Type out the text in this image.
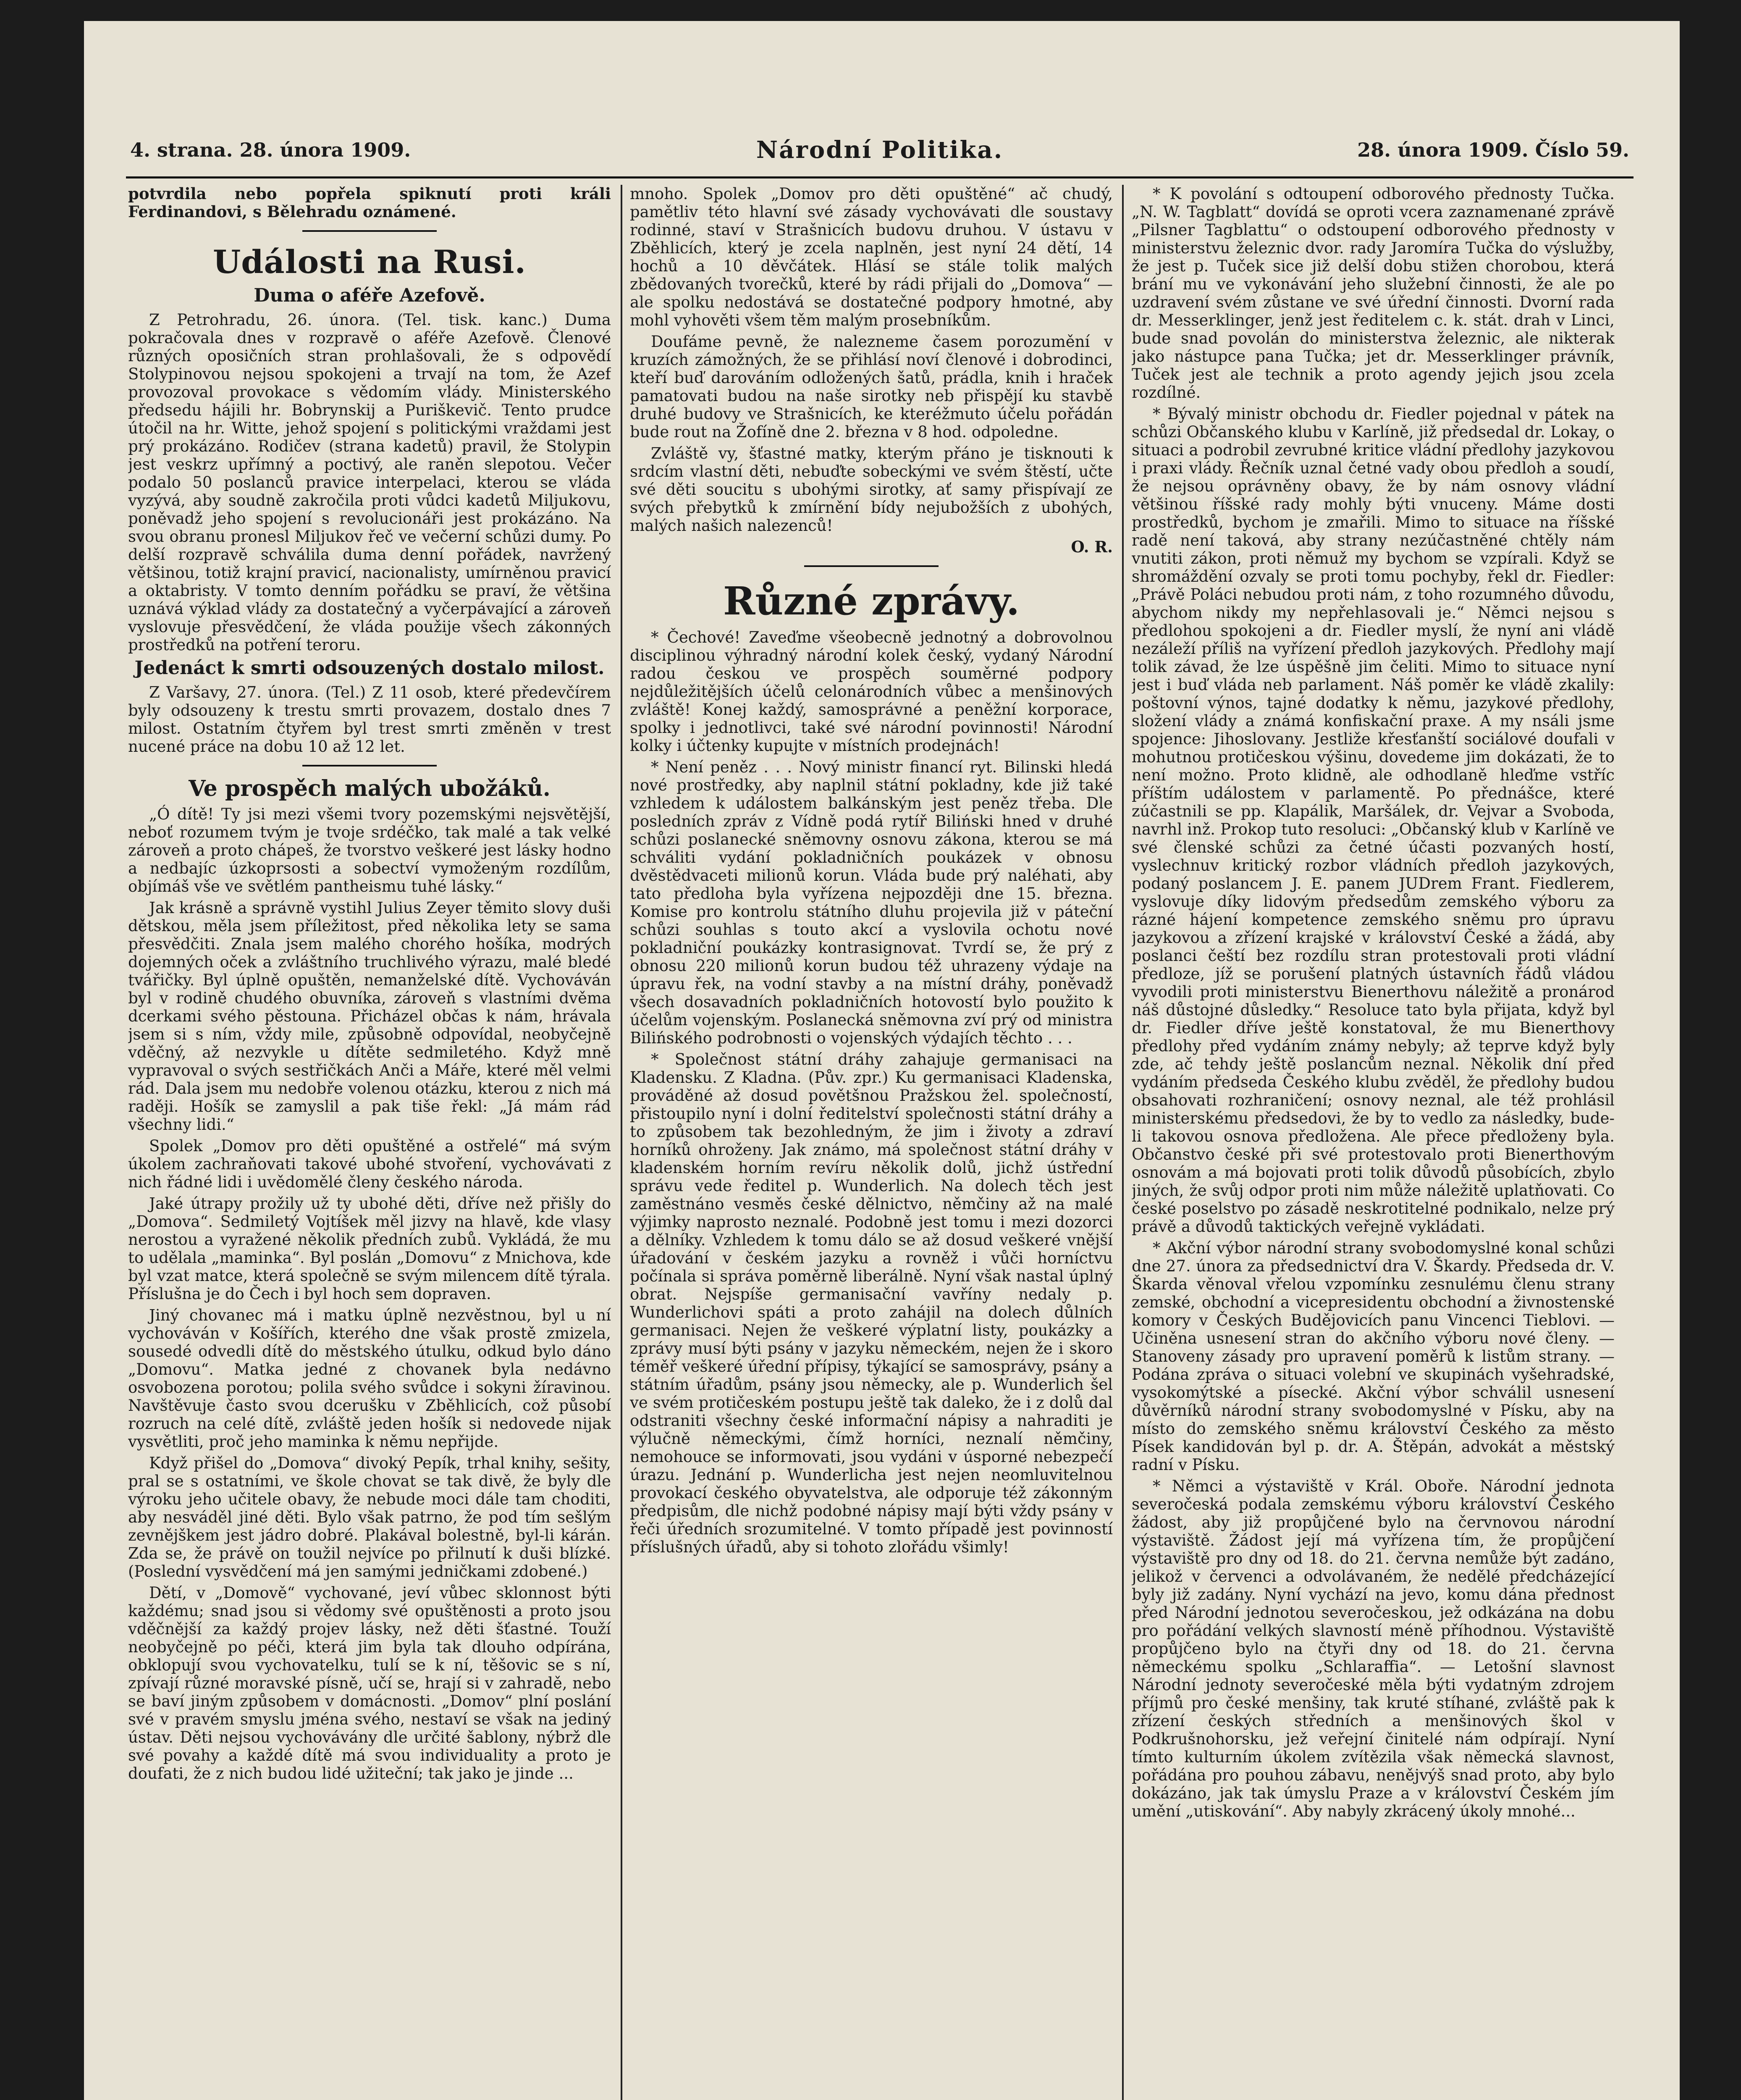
4. strana. 28. února 1909.	Národní Politika.	28. února 1909. Číslo 59.

potvrdila nebo popřela spiknutí proti králi Ferdinandovi, s Bělehradu oznámené.

Události na Rusi.
Duma o aféře Azefově.

Z Petrohradu, 26. února. (Tel. tisk. kanc.) Duma pokračovala dnes v rozpravě o aféře Azefově. Členové různých oposičních stran prohlašovali, že s odpovědí Stolypinovou nejsou spokojeni a trvají na tom, že Azef provozoval provokace s vědomím vlády. Ministerského předsedu hájili hr. Bobrynskij a Puriškevič. Tento prudce útočil na hr. Witte, jehož spojení s politickými vraždami jest prý prokázáno. Rodičev (strana kadetů) pravil, že Stolypin jest veskrz upřímný a poctivý, ale raněn slepotou. Večer podalo 50 poslanců pravice interpelaci, kterou se vláda vyzývá, aby soudně zakročila proti vůdci kadetů Miljukovu, poněvadž jeho spojení s revolucionáři jest prokázáno. Na svou obranu pronesl Miljukov řeč ve večerní schůzi dumy. Po delší rozpravě schválila duma denní pořádek, navržený většinou, totiž krajní pravicí, nacionalisty, umírněnou pravicí a oktabristy. V tomto denním pořádku se praví, že většina uznává výklad vlády za dostatečný a vyčerpávající a zároveň vyslovuje přesvědčení, že vláda použije všech zákonných prostředků na potření teroru.

Jedenáct k smrti odsouzených dostalo milost.

Z Varšavy, 27. února. (Tel.) Z 11 osob, které předevčírem byly odsouzeny k trestu smrti provazem, dostalo dnes 7 milost. Ostatním čtyřem byl trest smrti změněn v trest nucené práce na dobu 10 až 12 let.

Ve prospěch malých ubožáků.

„Ó dítě! Ty jsi mezi všemi tvory pozemskými nejsvětější, neboť rozumem tvým je tvoje srdéčko, tak malé a tak velké zároveň a proto chápeš, že tvorstvo veškeré jest lásky hodno a nedbajíc úzkoprsosti a sobectví vymoženým rozdílům, objímáš vše ve světlém pantheismu tuhé lásky.“

Jak krásně a správně vystihl Julius Zeyer těmito slovy duši dětskou, měla jsem příležitost, před několika lety se sama přesvědčiti. Znala jsem malého chorého hošíka, modrých dojemných oček a zvláštního truchlivého výrazu, malé bledé tvářičky. Byl úplně opuštěn, nemanželské dítě. Vychováván byl v rodině chudého obuvníka, zároveň s vlastními dvěma dcerkami svého pěstouna. Přicházel občas k nám, hrávala jsem si s ním, vždy mile, způsobně odpovídal, neobyčejně vděčný, až nezvykle u dítěte sedmiletého. Když mně vypravoval o svých sestřičkách Anči a Máře, které měl velmi rád. Dala jsem mu nedobře volenou otázku, kterou z nich má raději. Hošík se zamyslil a pak tiše řekl: „Já mám rád všechny lidi.“

Spolek „Domov pro děti opuštěné a ostřelé“ má svým úkolem zachraňovati takové ubohé stvoření, vychovávati z nich řádné lidi i uvědomělé členy českého národa.

Jaké útrapy prožily už ty ubohé děti, dříve než přišly do „Domova“. Sedmiletý Vojtíšek měl jizvy na hlavě, kde vlasy nerostou a vyražené několik předních zubů. Vykládá, že mu to udělala „maminka“. Byl poslán „Domovu“ z Mnichova, kde byl vzat matce, která společně se svým milencem dítě týrala. Příslušna je do Čech i byl hoch sem dopraven.

Jiný chovanec má i matku úplně nezvěstnou, byl u ní vychováván v Košířích, kterého dne však prostě zmizela, sousedé odvedli dítě do městského útulku, odkud bylo dáno „Domovu“. Matka jedné z chovanek byla nedávno osvobozena porotou; polila svého svůdce i sokyni žíravinou. Navštěvuje často svou dcerušku v Zběhlicích, což působí rozruch na celé dítě, zvláště jeden hošík si nedovede nijak vysvětliti, proč jeho maminka k němu nepřijde.

Když přišel do „Domova“ divoký Pepík, trhal knihy, sešity, pral se s ostatními, ve škole chovat se tak divě, že byly dle výroku jeho učitele obavy, že nebude moci dále tam choditi, aby nesváděl jiné děti. Bylo však patrno, že pod tím sešlým zevnějškem jest jádro dobré. Plakával bolestně, byl-li kárán. Zda se, že právě on toužil nejvíce po přilnutí k duši blízké. (Poslední vysvědčení má jen samými jedničkami zdobené.)

Dětí, v „Domově“ vychované, jeví vůbec sklonnost býti každému; snad jsou si vědomy své opuštěnosti a proto jsou vděčnější za každý projev lásky, než děti šťastné. Touží neobyčejně po péči, která jim byla tak dlouho odpírána, obklopují svou vychovatelku, tulí se k ní, těšovic se s ní, zpívají různé moravské písně, učí se, hrají si v zahradě, nebo se baví jiným způsobem v domácnosti. „Domov“ plní poslání své v pravém smyslu jména svého, nestaví se však na jediný ústav. Děti nejsou vychovávány dle určité šablony, nýbrž dle své povahy a každé dítě má svou individuality a proto je doufati, že z nich budou lidé užiteční; tak jako je jinde ...

mnoho. Spolek „Domov pro děti opuštěné“ ač chudý, pamětliv této hlavní své zásady vychovávati dle soustavy rodinné, staví v Strašnicích budovu druhou. V ústavu v Zběhlicích, který je zcela naplněn, jest nyní 24 dětí, 14 hochů a 10 děvčátek. Hlásí se stále tolik malých zbědovaných tvorečků, které by rádi přijali do „Domova“ — ale spolku nedostává se dostatečné podpory hmotné, aby mohl vyhověti všem těm malým prosebníkům.

Doufáme pevně, že nalezneme časem porozumění v kruzích zámožných, že se přihlásí noví členové i dobrodinci, kteří buď darováním odložených šatů, prádla, knih i hraček pamatovati budou na naše sirotky neb přispějí ku stavbě druhé budovy ve Strašnicích, ke kteréžmuto účelu pořádán bude rout na Žofíně dne 2. března v 8 hod. odpoledne.

Zvláště vy, šťastné matky, kterým přáno je tisknouti k srdcím vlastní děti, nebuďte sobeckými ve svém štěstí, učte své děti soucitu s ubohými sirotky, ať samy přispívají ze svých přebytků k zmírnění bídy nejubožších z ubohých, malých našich nalezenců!

O. R.
Různé zprávy.

* Čechové! Zaveďme všeobecně jednotný a dobrovolnou disciplinou výhradný národní kolek český, vydaný Národní radou českou ve prospěch souměrné podpory nejdůležitějších účelů celonárodních vůbec a menšinových zvláště! Konej každý, samosprávné a peněžní korporace, spolky i jednotlivci, také své národní povinnosti! Národní kolky i účtenky kupujte v místních prodejnách!

* Není peněz . . . Nový ministr financí ryt. Bilinski hledá nové prostředky, aby naplnil státní pokladny, kde již také vzhledem k událostem balkánským jest peněz třeba. Dle posledních zpráv z Vídně podá rytíř Biliński hned v druhé schůzi poslanecké sněmovny osnovu zákona, kterou se má schváliti vydání pokladničních poukázek v obnosu dvěstědvaceti milionů korun. Vláda bude prý naléhati, aby tato předloha byla vyřízena nejpozději dne 15. března. Komise pro kontrolu státního dluhu projevila již v páteční schůzi souhlas s touto akcí a vyslovila ochotu nové pokladniční poukázky kontrasignovat. Tvrdí se, že prý z obnosu 220 milionů korun budou též uhrazeny výdaje na úpravu řek, na vodní stavby a na místní dráhy, poněvadž všech dosavadních pokladničních hotovostí bylo použito k účelům vojenským. Poslanecká sněmovna zví prý od ministra Bilińského podrobnosti o vojenských výdajích těchto . . .

* Společnost státní dráhy zahajuje germanisaci na Kladensku. Z Kladna. (Pův. zpr.) Ku germanisaci Kladenska, prováděné až dosud povětšnou Pražskou žel. společností, přistoupilo nyní i dolní ředitelství společnosti státní dráhy a to způsobem tak bezohledným, že jim i životy a zdraví horníků ohroženy. Jak známo, má společnost státní dráhy v kladenském horním revíru několik dolů, jichž ústřední správu vede ředitel p. Wunderlich. Na dolech těch jest zaměstnáno vesměs české dělnictvo, němčiny až na malé výjimky naprosto neznalé. Podobně jest tomu i mezi dozorci a dělníky. Vzhledem k tomu dálo se až dosud veškeré vnější úřadování v českém jazyku a rovněž i vůči horníctvu počínala si správa poměrně liberálně. Nyní však nastal úplný obrat. Nejspíše germanisační vavříny nedaly p. Wunderlichovi spáti a proto zahájil na dolech důlních germanisaci. Nejen že veškeré výplatní listy, poukázky a zprávy musí býti psány v jazyku německém, nejen že i skoro téměř veškeré úřední přípisy, týkající se samosprávy, psány a státním úřadům, psány jsou německy, ale p. Wunderlich šel ve svém protičeském postupu ještě tak daleko, že i z dolů dal odstraniti všechny české informační nápisy a nahraditi je výlučně německými, čímž horníci, neznalí němčiny, nemohouce se informovati, jsou vydáni v úsporné nebezpečí úrazu. Jednání p. Wunderlicha jest nejen neomluvitelnou provokací českého obyvatelstva, ale odporuje též zákonným předpisům, dle nichž podobné nápisy mají býti vždy psány v řeči úředních srozumitelné. V tomto případě jest povinností příslušných úřadů, aby si tohoto zlořádu všimly!

* K povolání s odtoupení odborového přednosty Tučka. „N. W. Tagblatt“ dovídá se oproti vcera zaznamenané zprávě „Pilsner Tagblattu“ o odstoupení odborového přednosty v ministerstvu železnic dvor. rady Jaromíra Tučka do výslužby, že jest p. Tuček sice již delší dobu stižen chorobou, která brání mu ve vykonávání jeho služební činnosti, že ale po uzdravení svém zůstane ve své úřední činnosti. Dvorní rada dr. Messerklinger, jenž jest ředitelem c. k. stát. drah v Linci, bude snad povolán do ministerstva železnic, ale nikterak jako nástupce pana Tučka; jet dr. Messerklinger právník, Tuček jest ale technik a proto agendy jejich jsou zcela rozdílné.

* Bývalý ministr obchodu dr. Fiedler pojednal v pátek na schůzi Občanského klubu v Karlíně, již předsedal dr. Lokay, o situaci a podrobil zevrubné kritice vládní předlohy jazykovou i praxi vlády. Řečník uznal četné vady obou předloh a soudí, že nejsou oprávněny obavy, že by nám osnovy vládní většinou říšské rady mohly býti vnuceny. Máme dosti prostředků, bychom je zmařili. Mimo to situace na říšské radě není taková, aby strany nezúčastněné chtěly nám vnutiti zákon, proti němuž my bychom se vzpírali. Když se shromáždění ozvaly se proti tomu pochyby, řekl dr. Fiedler: „Právě Poláci nebudou proti nám, z toho rozumného důvodu, abychom nikdy my nepřehlasovali je.“ Němci nejsou s předlohou spokojeni a dr. Fiedler myslí, že nyní ani vládě nezáleží příliš na vyřízení předloh jazykových. Předlohy mají tolik závad, že lze úspěšně jim čeliti. Mimo to situace nyní jest i buď vláda neb parlament. Náš poměr ke vládě zkalily: poštovní výnos, tajné dodatky k němu, jazykové předlohy, složení vlády a známá konfiskační praxe. A my nsáli jsme spojence: Jihoslovany. Jestliže křesťanští sociálové doufali v mohutnou protičeskou výšinu, dovedeme jim dokázati, že to není možno. Proto klidně, ale odhodlaně hleďme vstříc příštím událostem v parlamentě. Po přednášce, které zúčastnili se pp. Klapálik, Maršálek, dr. Vejvar a Svoboda, navrhl inž. Prokop tuto resoluci: „Občanský klub v Karlíně ve své členské schůzi za četné účasti pozvaných hostí, vyslechnuv kritický rozbor vládních předloh jazykových, podaný poslancem J. E. panem JUDrem Frant. Fiedlerem, vyslovuje díky lidovým předsedům zemského výboru za rázné hájení kompetence zemského sněmu pro úpravu jazykovou a zřízení krajské v království České a žádá, aby poslanci čeští bez rozdílu stran protestovali proti vládní předloze, jíž se porušení platných ústavních řádů vládou vyvodili proti ministerstvu Bienerthovu náležitě a pronárod náš důstojné důsledky.“ Resoluce tato byla přijata, když byl dr. Fiedler dříve ještě konstatoval, že mu Bienerthovy předlohy před vydáním známy nebyly; až teprve když byly zde, ač tehdy ještě poslancům neznal. Několik dní před vydáním předseda Českého klubu zvěděl, že předlohy budou obsahovati rozhraničení; osnovy neznal, ale též prohlásil ministerskému předsedovi, že by to vedlo za následky, bude-li takovou osnova předložena. Ale přece předloženy byla. Občanstvo české při své protestovalo proti Bienerthovým osnovám a má bojovati proti tolik důvodů působících, zbylo jiných, že svůj odpor proti nim může náležitě uplatňovati. Co české poselstvo po zásadě neskrotitelné podnikalo, nelze prý právě a důvodů taktických veřejně vykládati.

* Akční výbor národní strany svobodomyslné konal schůzi dne 27. února za předsednictví dra V. Škardy. Předseda dr. V. Škarda věnoval vřelou vzpomínku zesnulému členu strany zemské, obchodní a vicepresidentu obchodní a živnostenské komory v Českých Budějovicích panu Vincenci Tieblovi. — Učiněna usnesení stran do akčního výboru nové členy. — Stanoveny zásady pro upravení poměrů k listům strany. — Podána zpráva o situaci volební ve skupinách vyšehradské, vysokomýtské a písecké. Akční výbor schválil usnesení důvěrníků národní strany svobodomyslné v Písku, aby na místo do zemského sněmu království Českého za město Písek kandidován byl p. dr. A. Štěpán, advokát a městský radní v Písku.

* Němci a výstaviště v Král. Oboře. Národní jednota severočeská podala zemskému výboru království Českého žádost, aby již propůjčené bylo na červnovou národní výstaviště. Žádost její má vyřízena tím, že propůjčení výstaviště pro dny od 18. do 21. června nemůže být zadáno, jelikož v červenci a odvolávaném, že nedělé předcházející byly již zadány. Nyní vychází na jevo, komu dána přednost před Národní jednotou severočeskou, jež odkázána na dobu pro pořádání velkých slavností méně příhodnou. Výstaviště propůjčeno bylo na čtyři dny od 18. do 21. června německému spolku „Schlaraffia“. — Letošní slavnost Národní jednoty severočeské měla býti vydatným zdrojem příjmů pro české menšiny, tak kruté stíhané, zvláště pak k zřízení českých středních a menšinových škol v Podkrušnohorsku, jež veřejní činitelé nám odpírají. Nyní tímto kulturním úkolem zvítězila však německá slavnost, pořádána pro pouhou zábavu, nenějvýš snad proto, aby bylo dokázáno, jak tak úmyslu Praze a v království Českém jím umění „utiskování“. Aby nabyly zkrácený úkoly mnohé...
